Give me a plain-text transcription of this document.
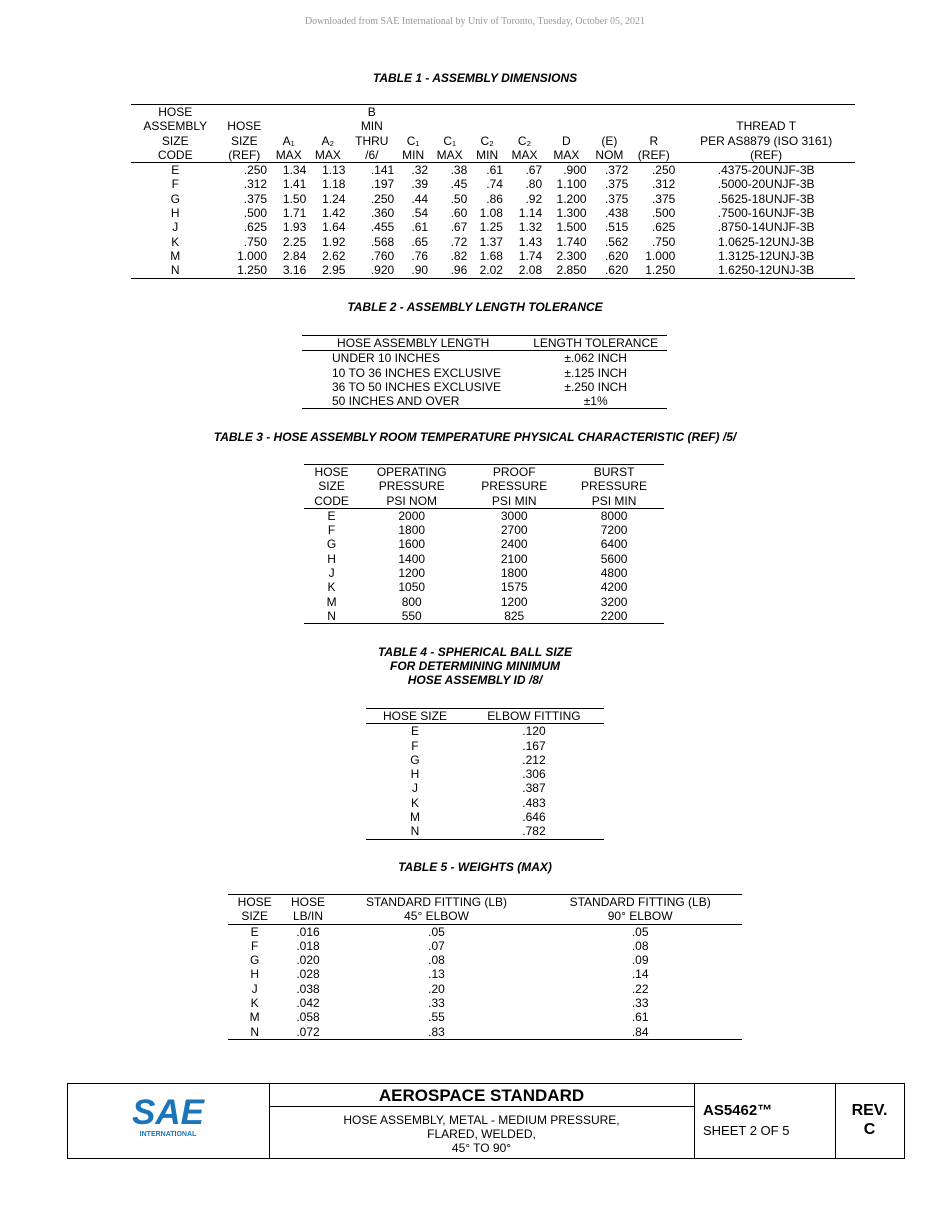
Downloaded from SAE International by Univ of Toronto, Tuesday, October 05, 2021
TABLE 1 - ASSEMBLY DIMENSIONS
HOSE				B								
ASSEMBLY	HOSE			MIN								THREAD T
SIZE	SIZE	A₁	A₂	THRU	C₁	C₁	C₂	C₂	D	(E)	R	PER AS8879 (ISO 3161)
CODE	(REF)	MAX	MAX	/6/	MIN	MAX	MIN	MAX	MAX	NOM	(REF)	(REF)
E	.250	1.34	1.13	.141	.32	.38	.61	.67	.900	.372	.250	.4375-20UNJF-3B
F	.312	1.41	1.18	.197	.39	.45	.74	.80	1.100	.375	.312	.5000-20UNJF-3B
G	.375	1.50	1.24	.250	.44	.50	.86	.92	1.200	.375	.375	.5625-18UNJF-3B
H	.500	1.71	1.42	.360	.54	.60	1.08	1.14	1.300	.438	.500	.7500-16UNJF-3B
J	.625	1.93	1.64	.455	.61	.67	1.25	1.32	1.500	.515	.625	.8750-14UNJF-3B
K	.750	2.25	1.92	.568	.65	.72	1.37	1.43	1.740	.562	.750	1.0625-12UNJ-3B
M	1.000	2.84	2.62	.760	.76	.82	1.68	1.74	2.300	.620	1.000	1.3125-12UNJ-3B
N	1.250	3.16	2.95	.920	.90	.96	2.02	2.08	2.850	.620	1.250	1.6250-12UNJ-3B
TABLE 2 - ASSEMBLY LENGTH TOLERANCE
HOSE ASSEMBLY LENGTH	LENGTH TOLERANCE
UNDER 10 INCHES	±.062 INCH
10 TO 36 INCHES EXCLUSIVE	±.125 INCH
36 TO 50 INCHES EXCLUSIVE	±.250 INCH
50 INCHES AND OVER	±1%
TABLE 3 - HOSE ASSEMBLY ROOM TEMPERATURE PHYSICAL CHARACTERISTIC (REF) /5/
HOSE	OPERATING	PROOF	BURST
SIZE	PRESSURE	PRESSURE	PRESSURE
CODE	PSI NOM	PSI MIN	PSI MIN
E	2000	3000	8000
F	1800	2700	7200
G	1600	2400	6400
H	1400	2100	5600
J	1200	1800	4800
K	1050	1575	4200
M	800	1200	3200
N	550	825	2200
TABLE 4 - SPHERICAL BALL SIZE
FOR DETERMINING MINIMUM
HOSE ASSEMBLY ID /8/
HOSE SIZE	ELBOW FITTING
E	.120
F	.167
G	.212
H	.306
J	.387
K	.483
M	.646
N	.782
TABLE 5 - WEIGHTS (MAX)
HOSE	HOSE	STANDARD FITTING (LB)	STANDARD FITTING (LB)
SIZE	LB/IN	45° ELBOW	90° ELBOW
E	.016	.05	.05
F	.018	.07	.08
G	.020	.08	.09
H	.028	.13	.14
J	.038	.20	.22
K	.042	.33	.33
M	.058	.55	.61
N	.072	.83	.84
SAE
INTERNATIONAL
AEROSPACE STANDARD
HOSE ASSEMBLY, METAL - MEDIUM PRESSURE,
FLARED, WELDED,
45° TO 90°
AS5462™
SHEET 2 OF 5
REV.
C
